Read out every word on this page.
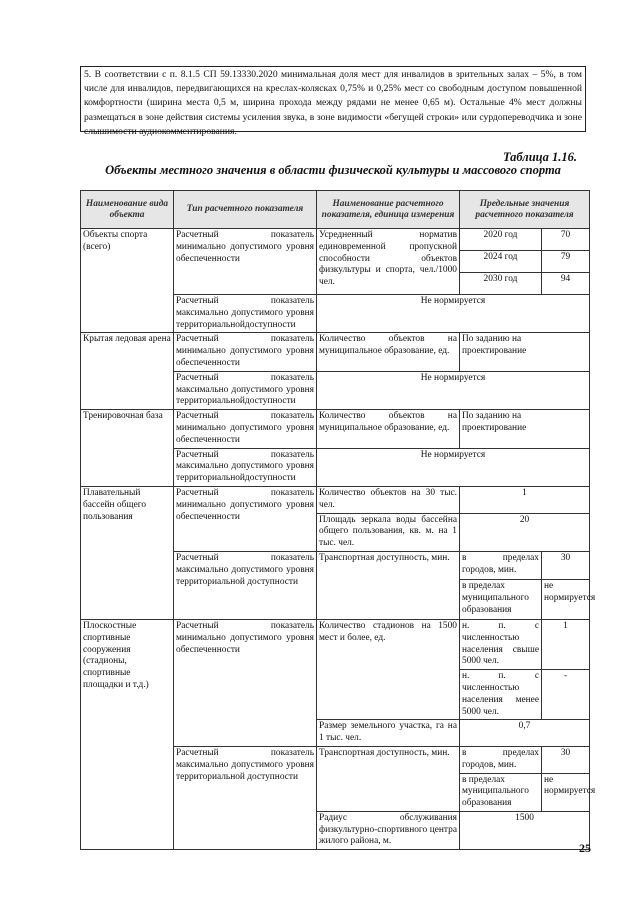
5. В соответствии с п. 8.1.5 СП 59.13330.2020 минимальная доля мест для инвалидов в зрительных залах – 5%, в том числе для инвалидов, передвигающихся на креслах-колясках 0,75% и 0,25% мест со свободным доступом повышенной комфортности (ширина места 0,5 м, ширина прохода между рядами не менее 0,65 м). Остальные 4% мест должны размещаться в зоне действия системы усиления звука, в зоне видимости «бегущей строки» или сурдопереводчика и зоне слышимости аудиокомментирования.

Таблица 1.16.
Объекты местного значения в области физической культуры и массового спорта
Наименование вида объекта	Тип расчетного показателя	Наименование расчетного показателя, единица измерения	Предельные значения расчетного показателя	
Объекты спорта (всего)	Расчетный показатель минимально допустимого уровня обеспеченности	Усредненный норматив единовременной пропускной способности объектов физкультуры и спорта, чел./1000 чел.	2020 год	70
			2024 год	79
			2030 год	94
	Расчетный показатель максимально допустимого уровня территориальнойдоступности	Не нормируется		
Крытая ледовая арена	Расчетный показатель минимально допустимого уровня обеспеченности	Количество объектов на муниципальное образование, ед.	По заданию на проектирование	
	Расчетный показатель максимально допустимого уровня территориальнойдоступности	Не нормируется		
Тренировочная база	Расчетный показатель минимально допустимого уровня обеспеченности	Количество объектов на муниципальное образование, ед.	По заданию на проектирование	
	Расчетный показатель максимально допустимого уровня территориальнойдоступности	Не нормируется		
Плавательный бассейн общего пользования	Расчетный показатель минимально допустимого уровня обеспеченности	Количество объектов на 30 тыс. чел.	1	
		Площадь зеркала воды бассейна общего пользования, кв. м. на 1 тыс. чел.	20	
	Расчетный показатель максимально допустимого уровня территориальной доступности	Транспортная доступность, мин.	в пределах городов, мин.	30
			в пределах муниципального образования	не нормируется
Плоскостные спортивные сооружения (стадионы, спортивные площадки и т.д.)	Расчетный показатель минимально допустимого уровня обеспеченности	Количество стадионов на 1500 мест и более, ед.	н. п. с численностью населения свыше 5000 чел.	1
			н. п. с численностью населения менее 5000 чел.	-
		Размер земельного участка, га на 1 тыс. чел.	0,7	
	Расчетный показатель максимально допустимого уровня территориальной доступности	Транспортная доступность, мин.	в пределах городов, мин.	30
			в пределах муниципального образования	не нормируется
		Радиус обслуживания физкультурно-спортивного центра жилого района, м.	1500	
25
